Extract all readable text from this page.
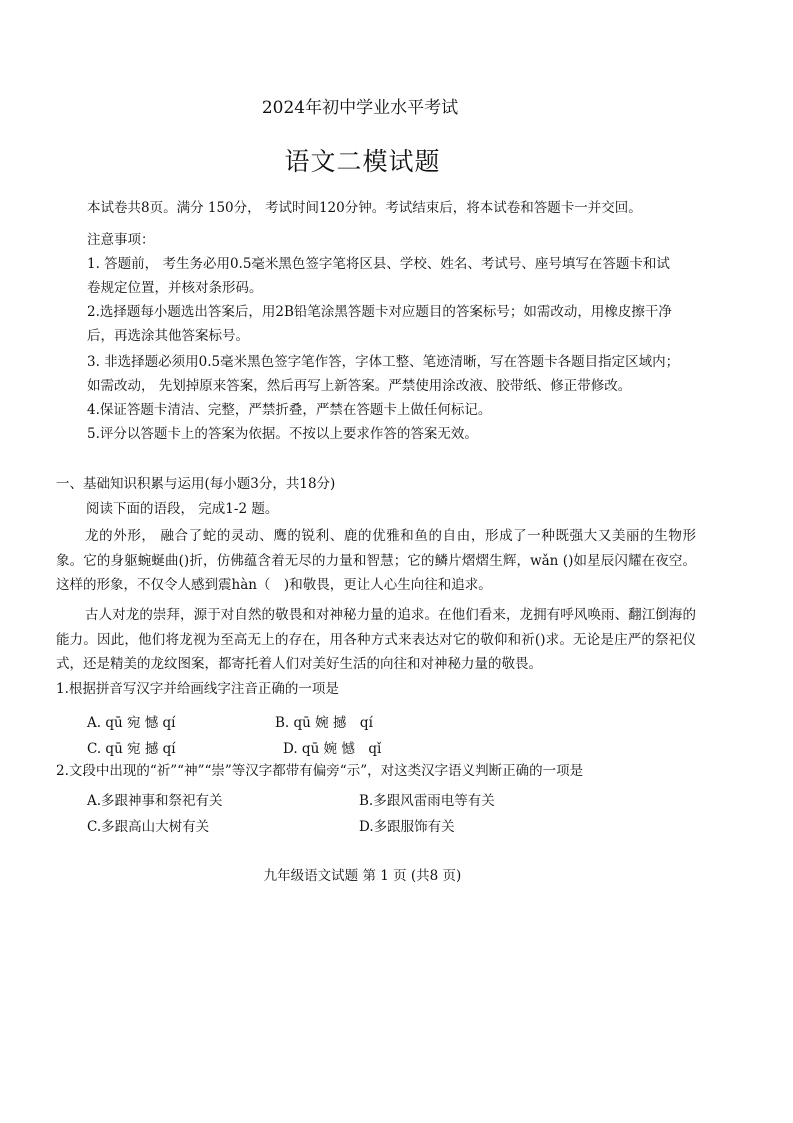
2024年初中学业水平考试
语文二模试题
本试卷共8页。满分 150分， 考试时间120分钟。考试结束后，将本试卷和答题卡一并交回。
注意事项：
1. 答题前， 考生务必用0.5毫米黑色签字笔将区县、学校、姓名、考试号、座号填写在答题卡和试
卷规定位置，并核对条形码。
2.选择题每小题选出答案后，用2B铅笔涂黑答题卡对应题目的答案标号；如需改动，用橡皮擦干净
后，再选涂其他答案标号。
3. 非选择题必须用0.5毫米黑色签字笔作答，字体工整、笔迹清晰，写在答题卡各题目指定区域内；
如需改动， 先划掉原来答案，然后再写上新答案。严禁使用涂改液、胶带纸、修正带修改。
4.保证答题卡清洁、完整，严禁折叠，严禁在答题卡上做任何标记。
5.评分以答题卡上的答案为依据。不按以上要求作答的答案无效。
一、基础知识积累与运用(每小题3分，共18分)
阅读下面的语段， 完成1-2 题。
龙的外形， 融合了蛇的灵动、鹰的锐利、鹿的优雅和鱼的自由，形成了一种既强大又美丽的生物形象。它的身躯蜿蜒曲()折，仿佛蕴含着无尽的力量和智慧；它的鳞片熠熠生辉，wǎn ()如星辰闪耀在夜空。这样的形象，不仅令人感到震hàn（　)和敬畏，更让人心生向往和追求。
古人对龙的崇拜，源于对自然的敬畏和对神秘力量的追求。在他们看来，龙拥有呼风唤雨、翻江倒海的能力。因此，他们将龙视为至高无上的存在，用各种方式来表达对它的敬仰和祈()求。无论是庄严的祭祀仪式，还是精美的龙纹图案，都寄托着人们对美好生活的向往和对神秘力量的敬畏。
1.根据拼音写汉字并给画线字注音正确的一项是
A. qū 宛 憾 qí	B. qū 婉 撼　qí
C. qū 宛 撼 qí	D. qū 婉 憾　qǐ
2.文段中出现的“祈”“神”“崇”等汉字都带有偏旁“示”，对这类汉字语义判断正确的一项是
A.多跟神事和祭祀有关	B.多跟风雷雨电等有关
C.多跟高山大树有关	D.多跟服饰有关
九年级语文试题 第 1 页 (共8 页)
